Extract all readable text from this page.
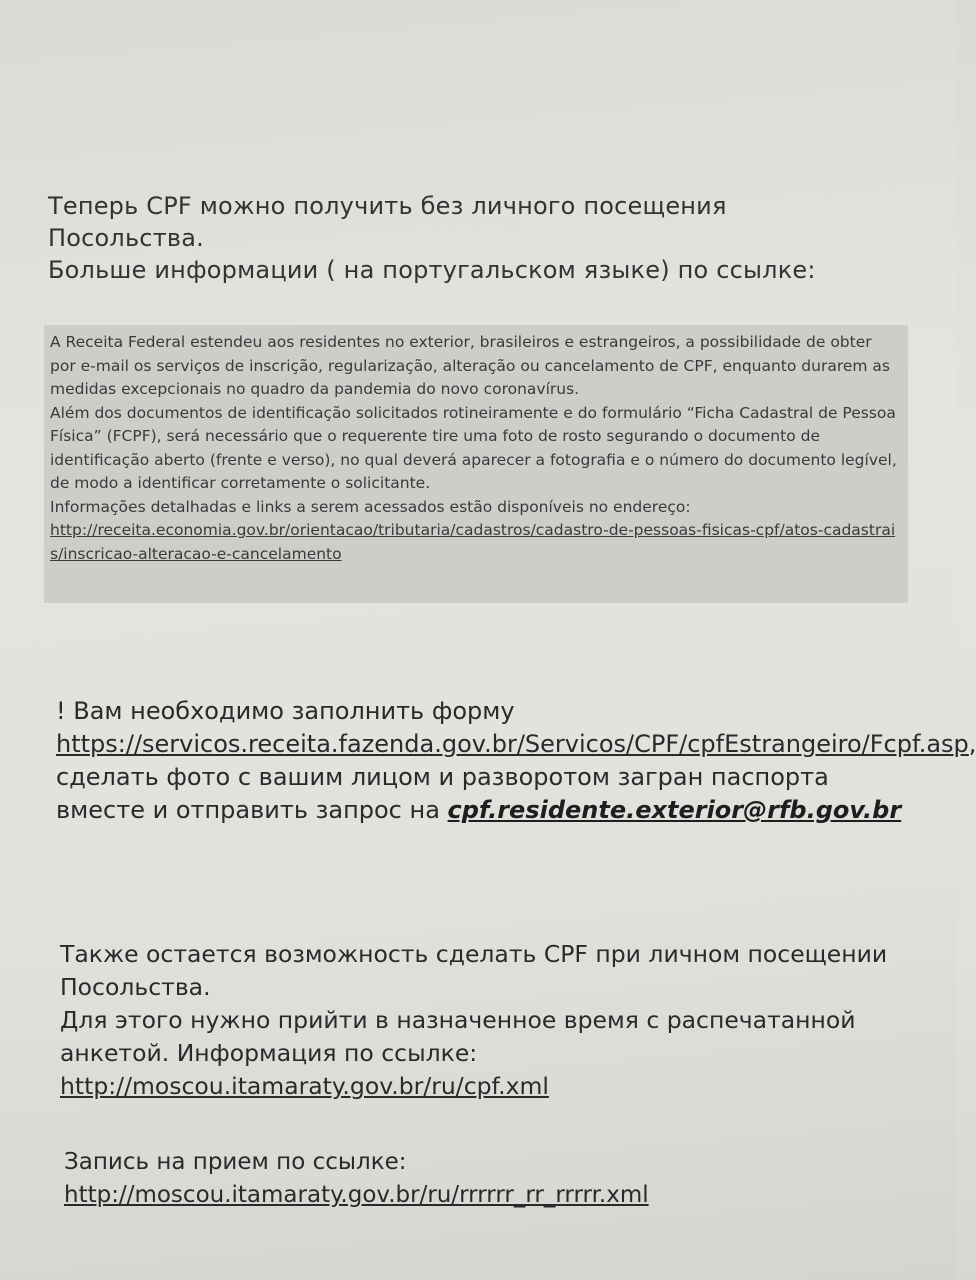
Теперь CPF можно получить без личного посещения Посольства.

Больше информации ( на португальском языке) по ссылке:

A Receita Federal estendeu aos residentes no exterior, brasileiros e estrangeiros, a possibilidade de obter por e-mail os serviços de inscrição, regularização, alteração ou cancelamento de CPF, enquanto durarem as medidas excepcionais no quadro da pandemia do novo coronavírus.

Além dos documentos de identificação solicitados rotineiramente e do formulário “Ficha Cadastral de Pessoa Física” (FCPF), será necessário que o requerente tire uma foto de rosto segurando o documento de identificação aberto (frente e verso), no qual deverá aparecer a fotografia e o número do documento legível, de modo a identificar corretamente o solicitante.

Informações detalhadas e links a serem acessados estão disponíveis no endereço:

http://receita.economia.gov.br/orientacao/tributaria/cadastros/cadastro-de-pessoas-fisicas-cpf/atos-cadastrais/inscricao-alteracao-e-cancelamento

! Вам необходимо заполнить форму https://servicos.receita.fazenda.gov.br/Servicos/CPF/cpfEstrangeiro/Fcpf.asp, сделать фото с вашим лицом и разворотом загран паспорта вместе и отправить запрос на cpf.residente.exterior@rfb.gov.br

Также остается возможность сделать CPF при личном посещении Посольства.

Для этого нужно прийти в назначенное время с распечатанной анкетой. Информация по ссылке:

http://moscou.itamaraty.gov.br/ru/cpf.xml

Запись на прием по ссылке:

http://moscou.itamaraty.gov.br/ru/rrrrrr_rr_rrrrr.xml
